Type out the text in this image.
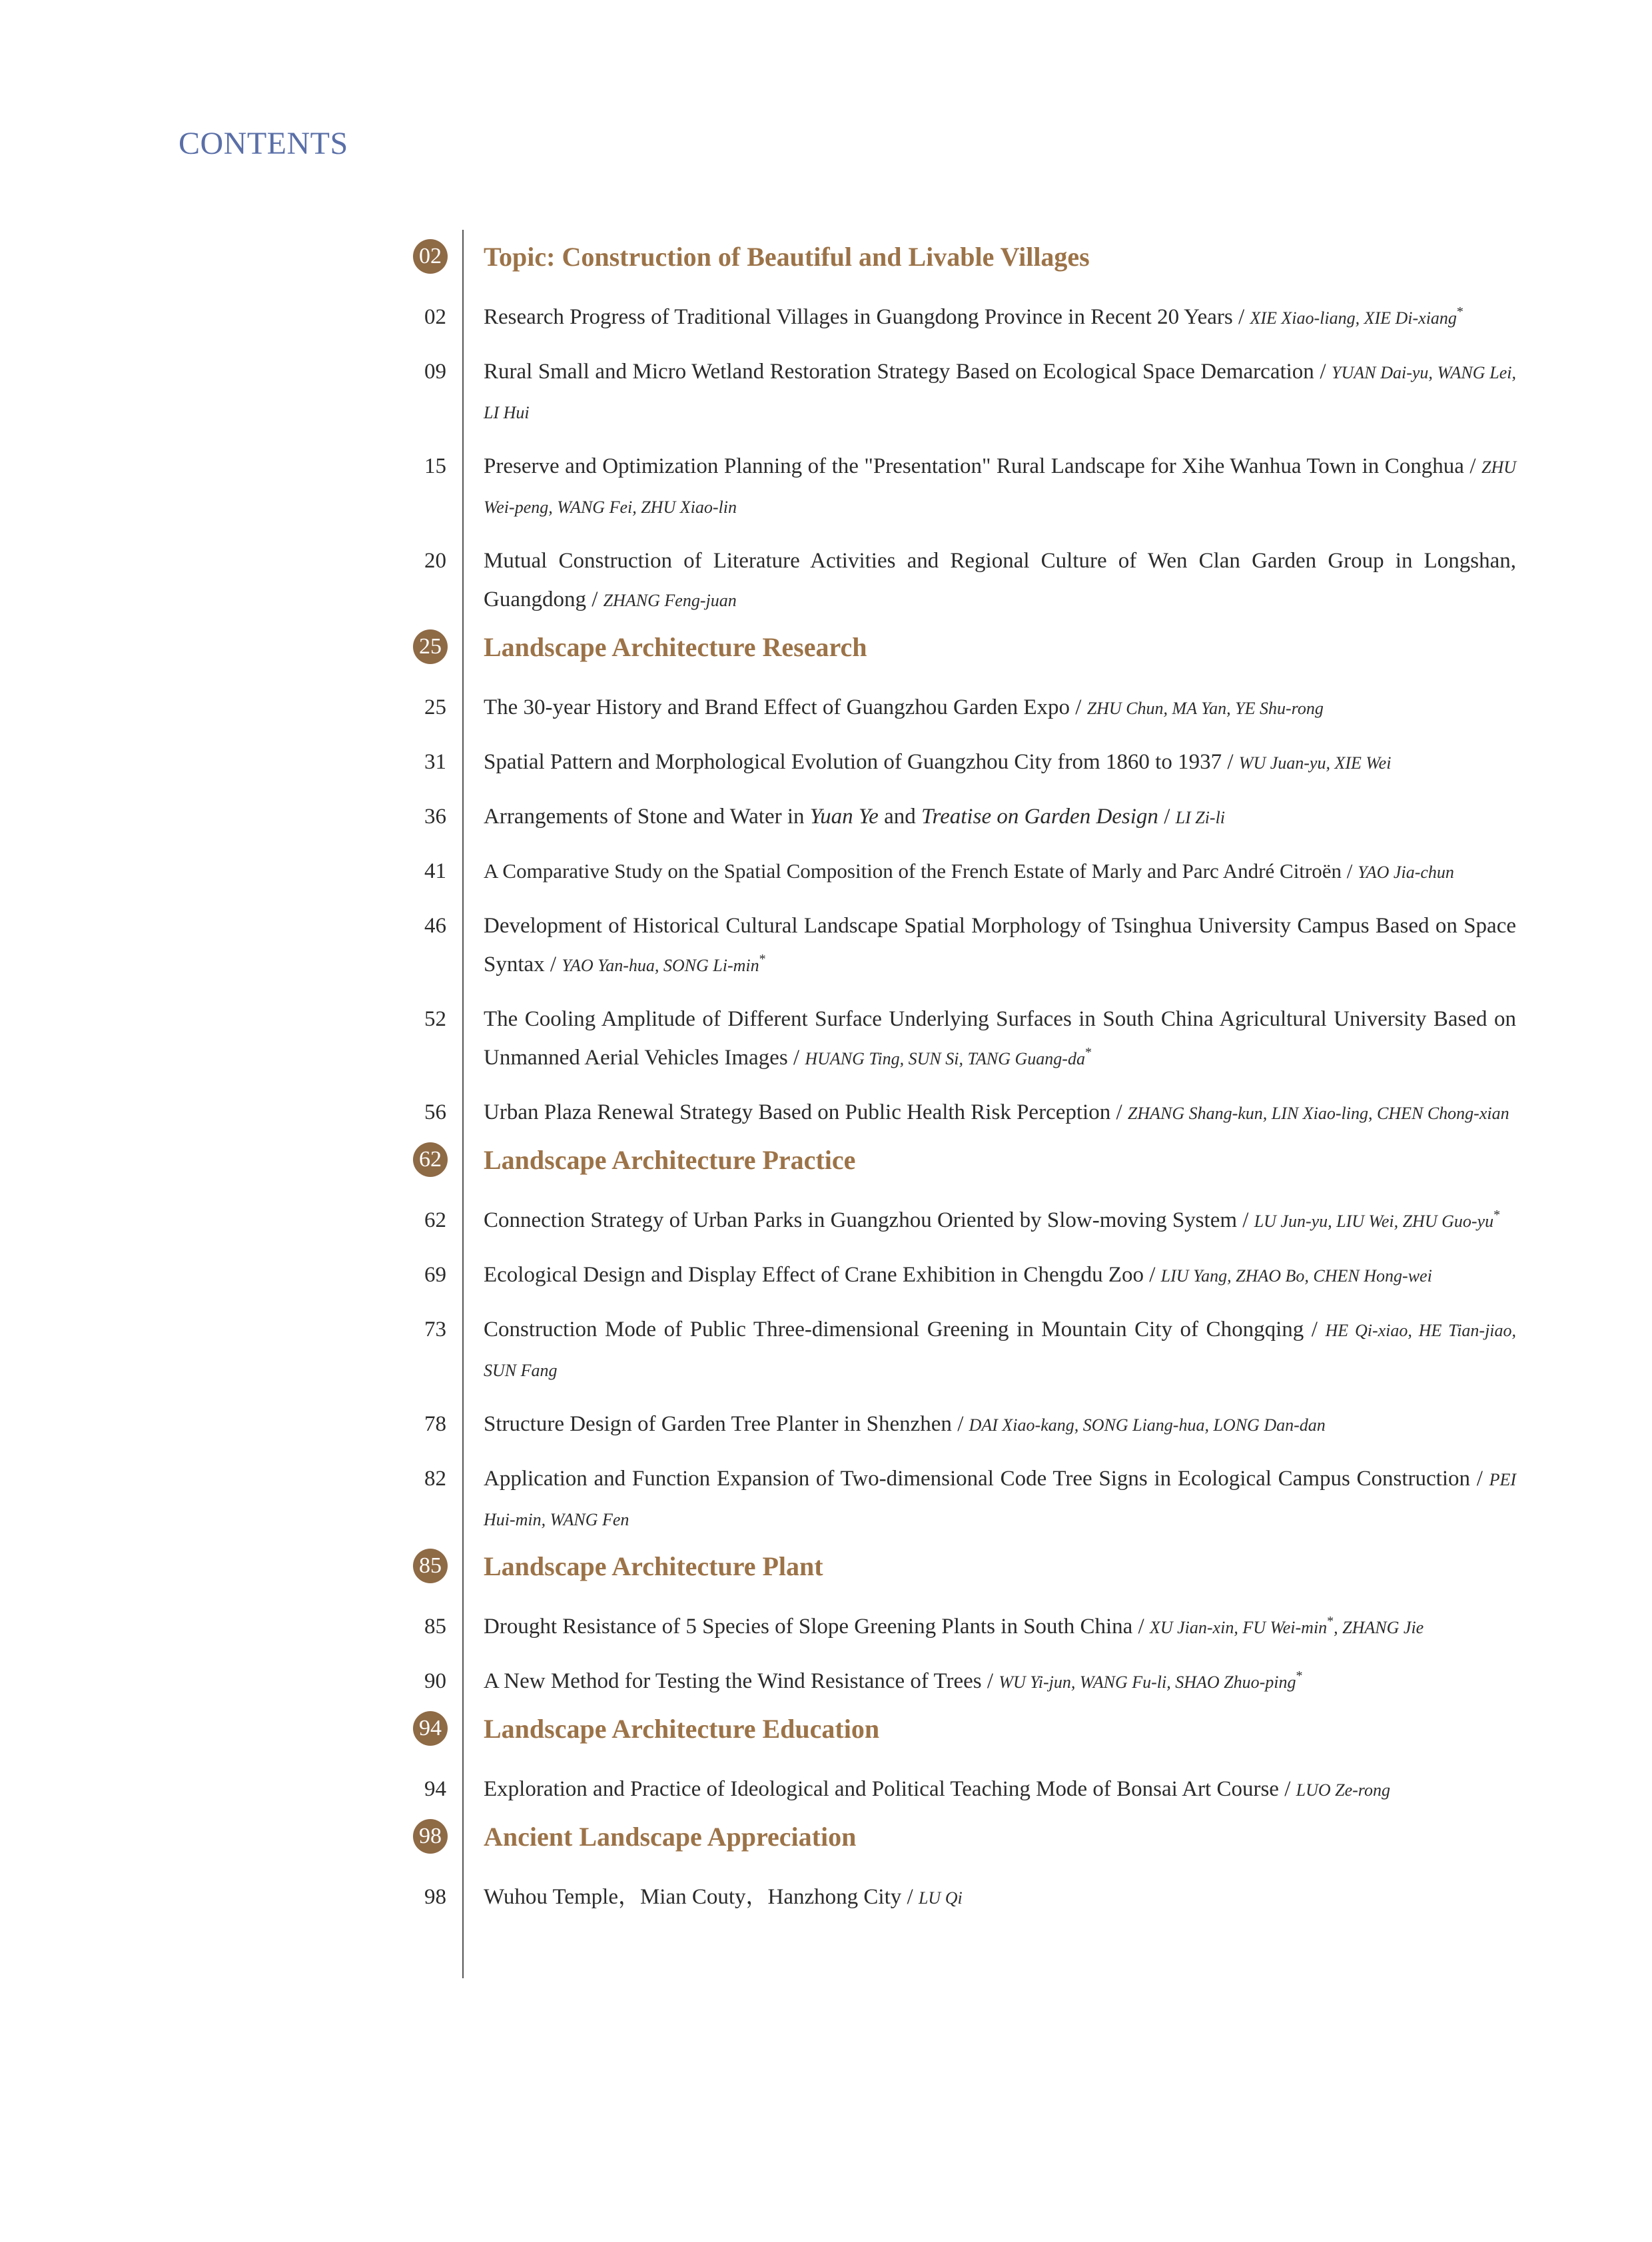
CONTENTS
02 Topic: Construction of Beautiful and Livable Villages
02 Research Progress of Traditional Villages in Guangdong Province in Recent 20 Years / XIE Xiao-liang, XIE Di-xiang*
09 Rural Small and Micro Wetland Restoration Strategy Based on Ecological Space Demarcation / YUAN Dai-yu, WANG Lei, LI Hui
15 Preserve and Optimization Planning of the "Presentation" Rural Landscape for Xihe Wanhua Town in Conghua / ZHU Wei-peng, WANG Fei, ZHU Xiao-lin
20 Mutual Construction of Literature Activities and Regional Culture of Wen Clan Garden Group in Longshan, Guangdong / ZHANG Feng-juan
25 Landscape Architecture Research
25 The 30-year History and Brand Effect of Guangzhou Garden Expo / ZHU Chun, MA Yan, YE Shu-rong
31 Spatial Pattern and Morphological Evolution of Guangzhou City from 1860 to 1937 / WU Juan-yu, XIE Wei
36 Arrangements of Stone and Water in Yuan Ye and Treatise on Garden Design / LI Zi-li
41 A Comparative Study on the Spatial Composition of the French Estate of Marly and Parc André Citroën / YAO Jia-chun
46 Development of Historical Cultural Landscape Spatial Morphology of Tsinghua University Campus Based on Space Syntax / YAO Yan-hua, SONG Li-min*
52 The Cooling Amplitude of Different Surface Underlying Surfaces in South China Agricultural University Based on Unmanned Aerial Vehicles Images / HUANG Ting, SUN Si, TANG Guang-da*
56 Urban Plaza Renewal Strategy Based on Public Health Risk Perception / ZHANG Shang-kun, LIN Xiao-ling, CHEN Chong-xian
62 Landscape Architecture Practice
62 Connection Strategy of Urban Parks in Guangzhou Oriented by Slow-moving System / LU Jun-yu, LIU Wei, ZHU Guo-yu*
69 Ecological Design and Display Effect of Crane Exhibition in Chengdu Zoo / LIU Yang, ZHAO Bo, CHEN Hong-wei
73 Construction Mode of Public Three-dimensional Greening in Mountain City of Chongqing / HE Qi-xiao, HE Tian-jiao, SUN Fang
78 Structure Design of Garden Tree Planter in Shenzhen / DAI Xiao-kang, SONG Liang-hua, LONG Dan-dan
82 Application and Function Expansion of Two-dimensional Code Tree Signs in Ecological Campus Construction / PEI Hui-min, WANG Fen
85 Landscape Architecture Plant
85 Drought Resistance of 5 Species of Slope Greening Plants in South China / XU Jian-xin, FU Wei-min*, ZHANG Jie
90 A New Method for Testing the Wind Resistance of Trees / WU Yi-jun, WANG Fu-li, SHAO Zhuo-ping*
94 Landscape Architecture Education
94 Exploration and Practice of Ideological and Political Teaching Mode of Bonsai Art Course / LUO Ze-rong
98 Ancient Landscape Appreciation
98 Wuhou Temple，Mian Couty，Hanzhong City / LU Qi
